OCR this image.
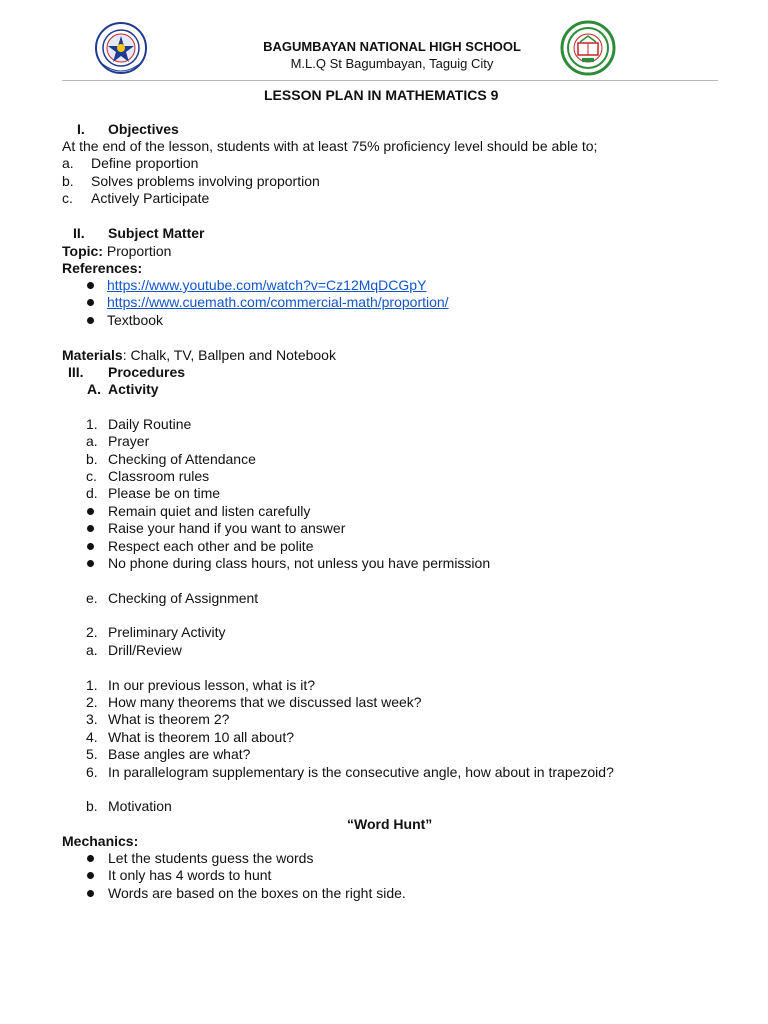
BAGUMBAYAN NATIONAL HIGH SCHOOL
M.L.Q St Bagumbayan, Taguig City
LESSON PLAN IN MATHEMATICS 9
I. Objectives
At the end of the lesson, students with at least 75% proficiency level should be able to;
a. Define proportion
b. Solves problems involving proportion
c. Actively Participate
II. Subject Matter
Topic: Proportion
References:
https://www.youtube.com/watch?v=Cz12MqDCGpY
https://www.cuemath.com/commercial-math/proportion/
Textbook
Materials: Chalk, TV, Ballpen and Notebook
III. Procedures
A. Activity
1. Daily Routine
a. Prayer
b. Checking of Attendance
c. Classroom rules
d. Please be on time
Remain quiet and listen carefully
Raise your hand if you want to answer
Respect each other and be polite
No phone during class hours, not unless you have permission
e. Checking of Assignment
2. Preliminary Activity
a. Drill/Review
1. In our previous lesson, what is it?
2. How many theorems that we discussed last week?
3. What is theorem 2?
4. What is theorem 10 all about?
5. Base angles are what?
6. In parallelogram supplementary is the consecutive angle, how about in trapezoid?
b. Motivation
“Word Hunt”
Mechanics:
Let the students guess the words
It only has 4 words to hunt
Words are based on the boxes on the right side.
